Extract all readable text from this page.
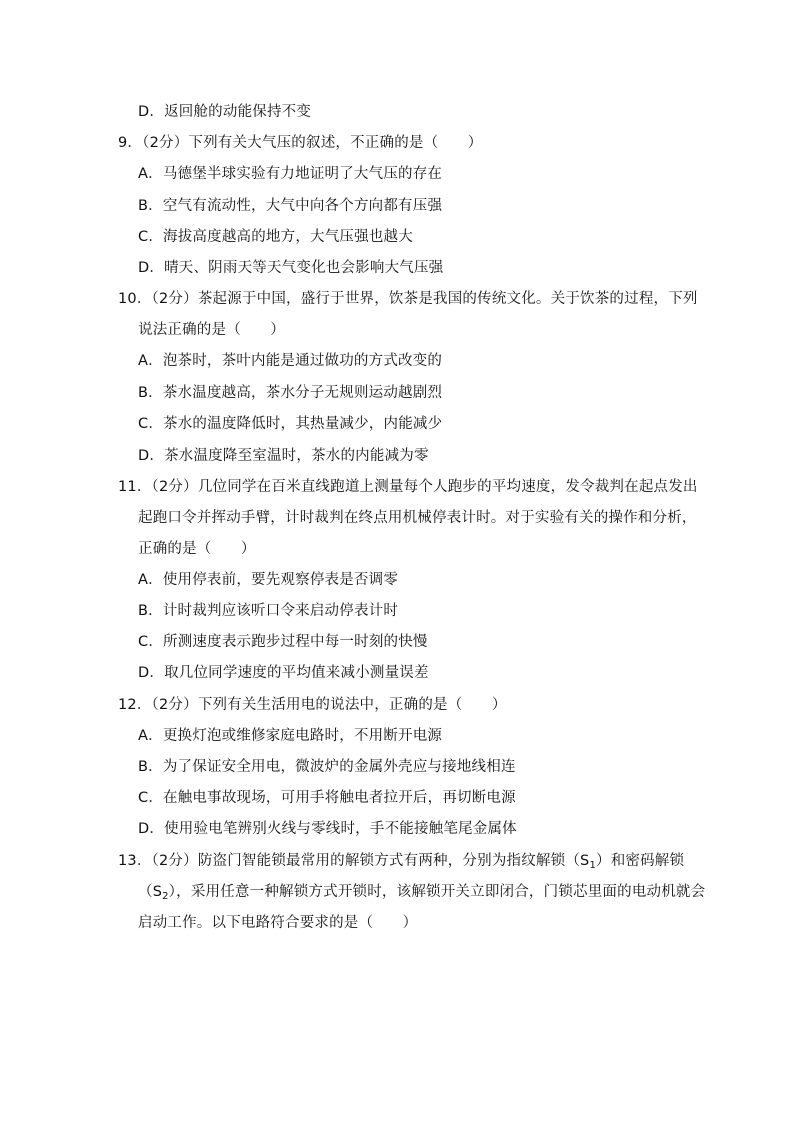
D．返回舱的动能保持不变
9．（2分）下列有关大气压的叙述，不正确的是（　　）
A．马德堡半球实验有力地证明了大气压的存在
B．空气有流动性，大气中向各个方向都有压强
C．海拔高度越高的地方，大气压强也越大
D．晴天、阴雨天等天气变化也会影响大气压强
10．（2分）茶起源于中国，盛行于世界，饮茶是我国的传统文化。关于饮茶的过程，下列
说法正确的是（　　）
A．泡茶时，茶叶内能是通过做功的方式改变的
B．茶水温度越高，茶水分子无规则运动越剧烈
C．茶水的温度降低时，其热量减少，内能减少
D．茶水温度降至室温时，茶水的内能减为零
11．（2分）几位同学在百米直线跑道上测量每个人跑步的平均速度，发令裁判在起点发出
起跑口令并挥动手臂，计时裁判在终点用机械停表计时。对于实验有关的操作和分析，
正确的是（　　）
A．使用停表前，要先观察停表是否调零
B．计时裁判应该听口令来启动停表计时
C．所测速度表示跑步过程中每一时刻的快慢
D．取几位同学速度的平均值来减小测量误差
12．（2分）下列有关生活用电的说法中，正确的是（　　）
A．更换灯泡或维修家庭电路时，不用断开电源
B．为了保证安全用电，微波炉的金属外壳应与接地线相连
C．在触电事故现场，可用手将触电者拉开后，再切断电源
D．使用验电笔辨别火线与零线时，手不能接触笔尾金属体
13．（2分）防盗门智能锁最常用的解锁方式有两种，分别为指纹解锁$(S_1)$和密码解锁
$(S_2)$，采用任意一种解锁方式开锁时，该解锁开关立即闭合，门锁芯里面的电动机就会
启动工作。以下电路符合要求的是（　　）
